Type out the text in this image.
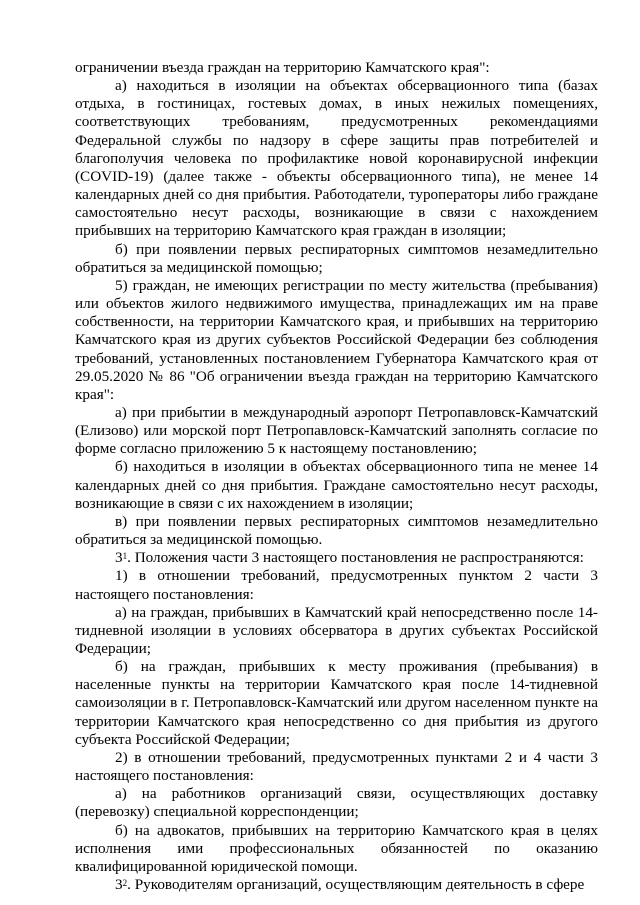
ограничении въезда граждан на территорию Камчатского края":

а) находиться в изоляции на объектах обсервационного типа (базах отдыха, в гостиницах, гостевых домах, в иных нежилых помещениях, соответствующих требованиям, предусмотренных рекомендациями Федеральной службы по надзору в сфере защиты прав потребителей и благополучия человека по профилактике новой коронавирусной инфекции (COVID-19) (далее также - объекты обсервационного типа), не менее 14 календарных дней со дня прибытия. Работодатели, туроператоры либо граждане самостоятельно несут расходы, возникающие в связи с нахождением прибывших на территорию Камчатского края граждан в изоляции;

б) при появлении первых респираторных симптомов незамедлительно обратиться за медицинской помощью;

5) граждан, не имеющих регистрации по месту жительства (пребывания) или объектов жилого недвижимого имущества, принадлежащих им на праве собственности, на территории Камчатского края, и прибывших на территорию Камчатского края из других субъектов Российской Федерации без соблюдения требований, установленных постановлением Губернатора Камчатского края от 29.05.2020 № 86 "Об ограничении въезда граждан на территорию Камчатского края":

а) при прибытии в международный аэропорт Петропавловск-Камчатский (Елизово) или морской порт Петропавловск-Камчатский заполнять согласие по форме согласно приложению 5 к настоящему постановлению;

б) находиться в изоляции в объектах обсервационного типа не менее 14 календарных дней со дня прибытия. Граждане самостоятельно несут расходы, возникающие в связи с их нахождением в изоляции;

в) при появлении первых респираторных симптомов незамедлительно обратиться за медицинской помощью.

$3^1$. Положения части 3 настоящего постановления не распространяются:

1) в отношении требований, предусмотренных пунктом 2 части 3 настоящего постановления:

а) на граждан, прибывших в Камчатский край непосредственно после 14-тидневной изоляции в условиях обсерватора в других субъектах Российской Федерации;

б) на граждан, прибывших к месту проживания (пребывания) в населенные пункты на территории Камчатского края после 14-тидневной самоизоляции в г. Петропавловск-Камчатский или другом населенном пункте на территории Камчатского края непосредственно со дня прибытия из другого субъекта Российской Федерации;

2) в отношении требований, предусмотренных пунктами 2 и 4 части 3 настоящего постановления:

а) на работников организаций связи, осуществляющих доставку (перевозку) специальной корреспонденции;

б) на адвокатов, прибывших на территорию Камчатского края в целях исполнения ими профессиональных обязанностей по оказанию квалифицированной юридической помощи.

$3^2$. Руководителям организаций, осуществляющим деятельность в сфере
